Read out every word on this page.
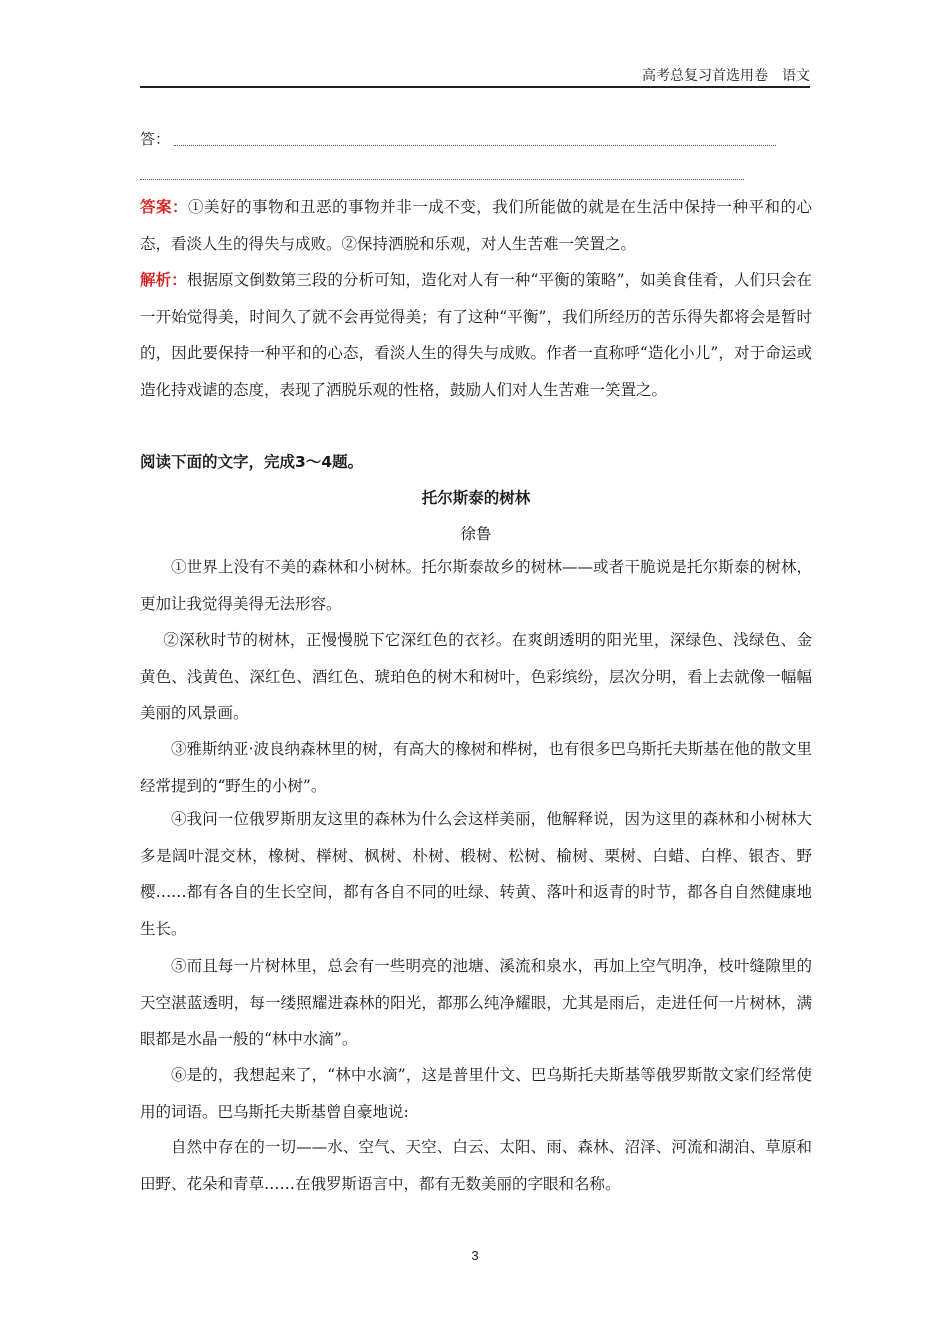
高考总复习首选用卷　语文
答：

答案：①美好的事物和丑恶的事物并非一成不变，我们所能做的就是在生活中保持一种平和的心态，看淡人生的得失与成败。②保持洒脱和乐观，对人生苦难一笑置之。

解析：根据原文倒数第三段的分析可知，造化对人有一种“平衡的策略”，如美食佳肴，人们只会在一开始觉得美，时间久了就不会再觉得美；有了这种“平衡”，我们所经历的苦乐得失都将会是暂时的，因此要保持一种平和的心态，看淡人生的得失与成败。作者一直称呼“造化小儿”，对于命运或造化持戏谑的态度，表现了洒脱乐观的性格，鼓励人们对人生苦难一笑置之。

阅读下面的文字，完成3～4题。

托尔斯泰的树林
徐鲁

①世界上没有不美的森林和小树林。托尔斯泰故乡的树林——或者干脆说是托尔斯泰的树林，更加让我觉得美得无法形容。

②深秋时节的树林，正慢慢脱下它深红色的衣衫。在爽朗透明的阳光里，深绿色、浅绿色、金黄色、浅黄色、深红色、酒红色、琥珀色的树木和树叶，色彩缤纷，层次分明，看上去就像一幅幅美丽的风景画。

③雅斯纳亚·波良纳森林里的树，有高大的橡树和桦树，也有很多巴乌斯托夫斯基在他的散文里经常提到的“野生的小树”。

④我问一位俄罗斯朋友这里的森林为什么会这样美丽，他解释说，因为这里的森林和小树林大多是阔叶混交林，橡树、榉树、枫树、朴树、椴树、松树、榆树、栗树、白蜡、白桦、银杏、野樱……都有各自的生长空间，都有各自不同的吐绿、转黄、落叶和返青的时节，都各自自然健康地生长。

⑤而且每一片树林里，总会有一些明亮的池塘、溪流和泉水，再加上空气明净，枝叶缝隙里的天空湛蓝透明，每一缕照耀进森林的阳光，都那么纯净耀眼，尤其是雨后，走进任何一片树林，满眼都是水晶一般的“林中水滴”。

⑥是的，我想起来了，“林中水滴”，这是普里什文、巴乌斯托夫斯基等俄罗斯散文家们经常使用的词语。巴乌斯托夫斯基曾自豪地说:

自然中存在的一切——水、空气、天空、白云、太阳、雨、森林、沼泽、河流和湖泊、草原和田野、花朵和青草……在俄罗斯语言中，都有无数美丽的字眼和名称。

3
